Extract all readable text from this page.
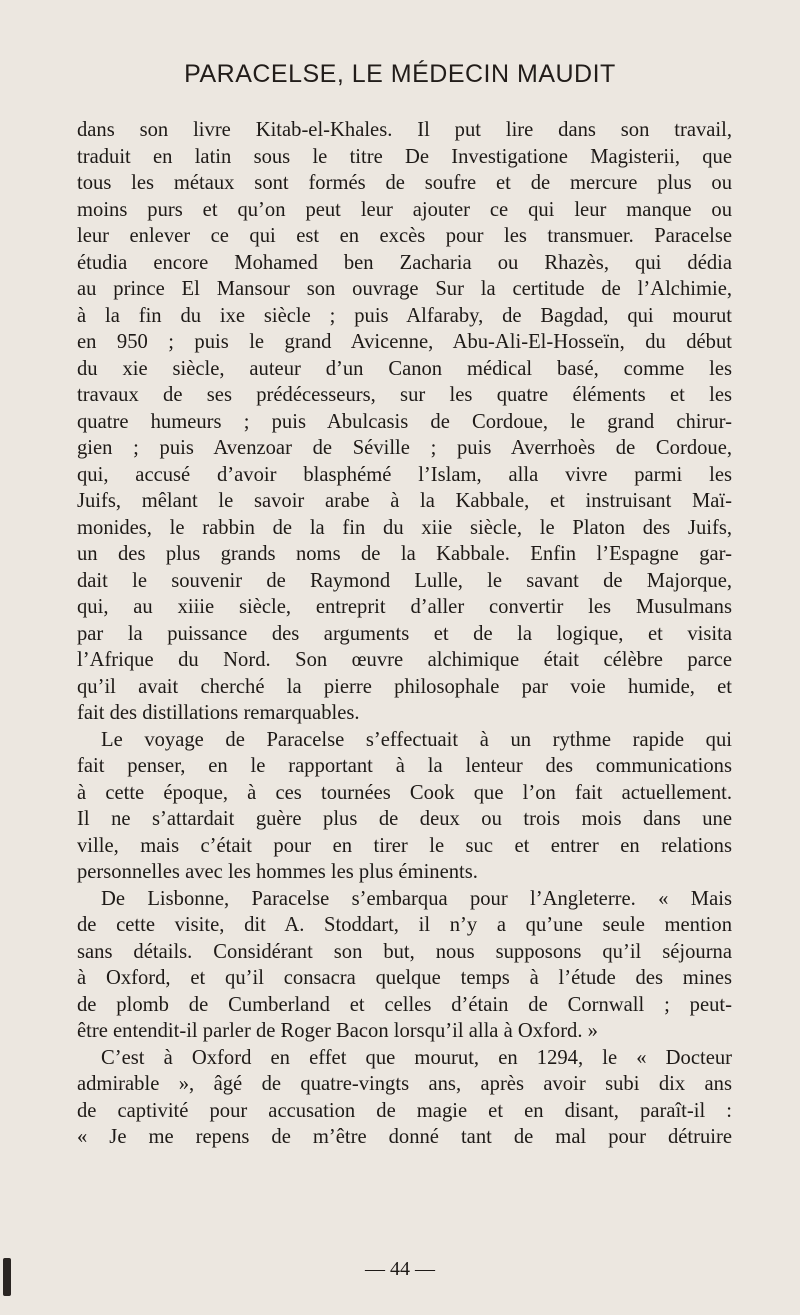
PARACELSE, LE MÉDECIN MAUDIT
dans son livre Kitab-el-Khales. Il put lire dans son travail,
traduit en latin sous le titre De Investigatione Magisterii, que
tous les métaux sont formés de soufre et de mercure plus ou
moins purs et qu’on peut leur ajouter ce qui leur manque ou
leur enlever ce qui est en excès pour les transmuer. Paracelse
étudia encore Mohamed ben Zacharia ou Rhazès, qui dédia
au prince El Mansour son ouvrage Sur la certitude de l’Alchimie,
à la fin du ixe siècle ; puis Alfaraby, de Bagdad, qui mourut
en 950 ; puis le grand Avicenne, Abu-Ali-El-Hosseïn, du début
du xie siècle, auteur d’un Canon médical basé, comme les
travaux de ses prédécesseurs, sur les quatre éléments et les
quatre humeurs ; puis Abulcasis de Cordoue, le grand chirur-
gien ; puis Avenzoar de Séville ; puis Averrhoès de Cordoue,
qui, accusé d’avoir blasphémé l’Islam, alla vivre parmi les
Juifs, mêlant le savoir arabe à la Kabbale, et instruisant Maï-
monides, le rabbin de la fin du xiie siècle, le Platon des Juifs,
un des plus grands noms de la Kabbale. Enfin l’Espagne gar-
dait le souvenir de Raymond Lulle, le savant de Majorque,
qui, au xiiie siècle, entreprit d’aller convertir les Musulmans
par la puissance des arguments et de la logique, et visita
l’Afrique du Nord. Son œuvre alchimique était célèbre parce
qu’il avait cherché la pierre philosophale par voie humide, et
fait des distillations remarquables.
Le voyage de Paracelse s’effectuait à un rythme rapide qui
fait penser, en le rapportant à la lenteur des communications
à cette époque, à ces tournées Cook que l’on fait actuellement.
Il ne s’attardait guère plus de deux ou trois mois dans une
ville, mais c’était pour en tirer le suc et entrer en relations
personnelles avec les hommes les plus éminents.
De Lisbonne, Paracelse s’embarqua pour l’Angleterre. « Mais
de cette visite, dit A. Stoddart, il n’y a qu’une seule mention
sans détails. Considérant son but, nous supposons qu’il séjourna
à Oxford, et qu’il consacra quelque temps à l’étude des mines
de plomb de Cumberland et celles d’étain de Cornwall ; peut-
être entendit-il parler de Roger Bacon lorsqu’il alla à Oxford. »
C’est à Oxford en effet que mourut, en 1294, le « Docteur
admirable », âgé de quatre-vingts ans, après avoir subi dix ans
de captivité pour accusation de magie et en disant, paraît-il :
« Je me repens de m’être donné tant de mal pour détruire
— 44 —
